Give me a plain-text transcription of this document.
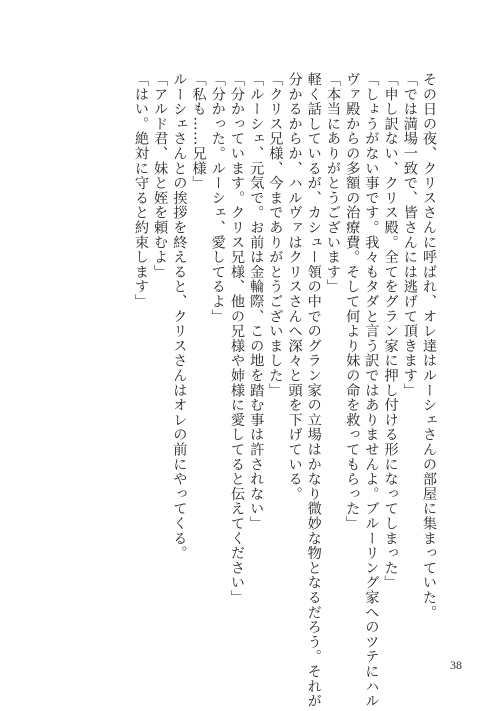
その日の夜、クリスさんに呼ばれ、オレ達はルーシェさんの部屋に集まっていた。

「では満場一致で、皆さんには逃げて頂きます」

「申し訳ない、クリス殿。全てをグラン家に押し付ける形になってしまった」

「しょうがない事です。我々もタダと言う訳ではありませんよ。ブルーリング家へのツテにハル

ヴァ殿からの多額の治療費。そして何より妹の命を救ってもらった」

「本当にありがとうございます」

軽く話しているが、カシュー領の中でのグラン家の立場はかなり微妙な物となるだろう。それが

分かるからか、ハルヴァはクリスさんへ深々と頭を下げている。

「クリス兄様、今までありがとうございました」

「ルーシェ、元気で。お前は金輪際、この地を踏む事は許されない」

「分かっています。クリス兄様、他の兄様や姉様に愛してると伝えてください」

「分かった。ルーシェ、愛してるよ」

「私も……兄様」

ルーシェさんとの挨拶を終えると、クリスさんはオレの前にやってくる。

「アルド君、妹と姪を頼むよ」

「はい。絶対に守ると約束します」

38
